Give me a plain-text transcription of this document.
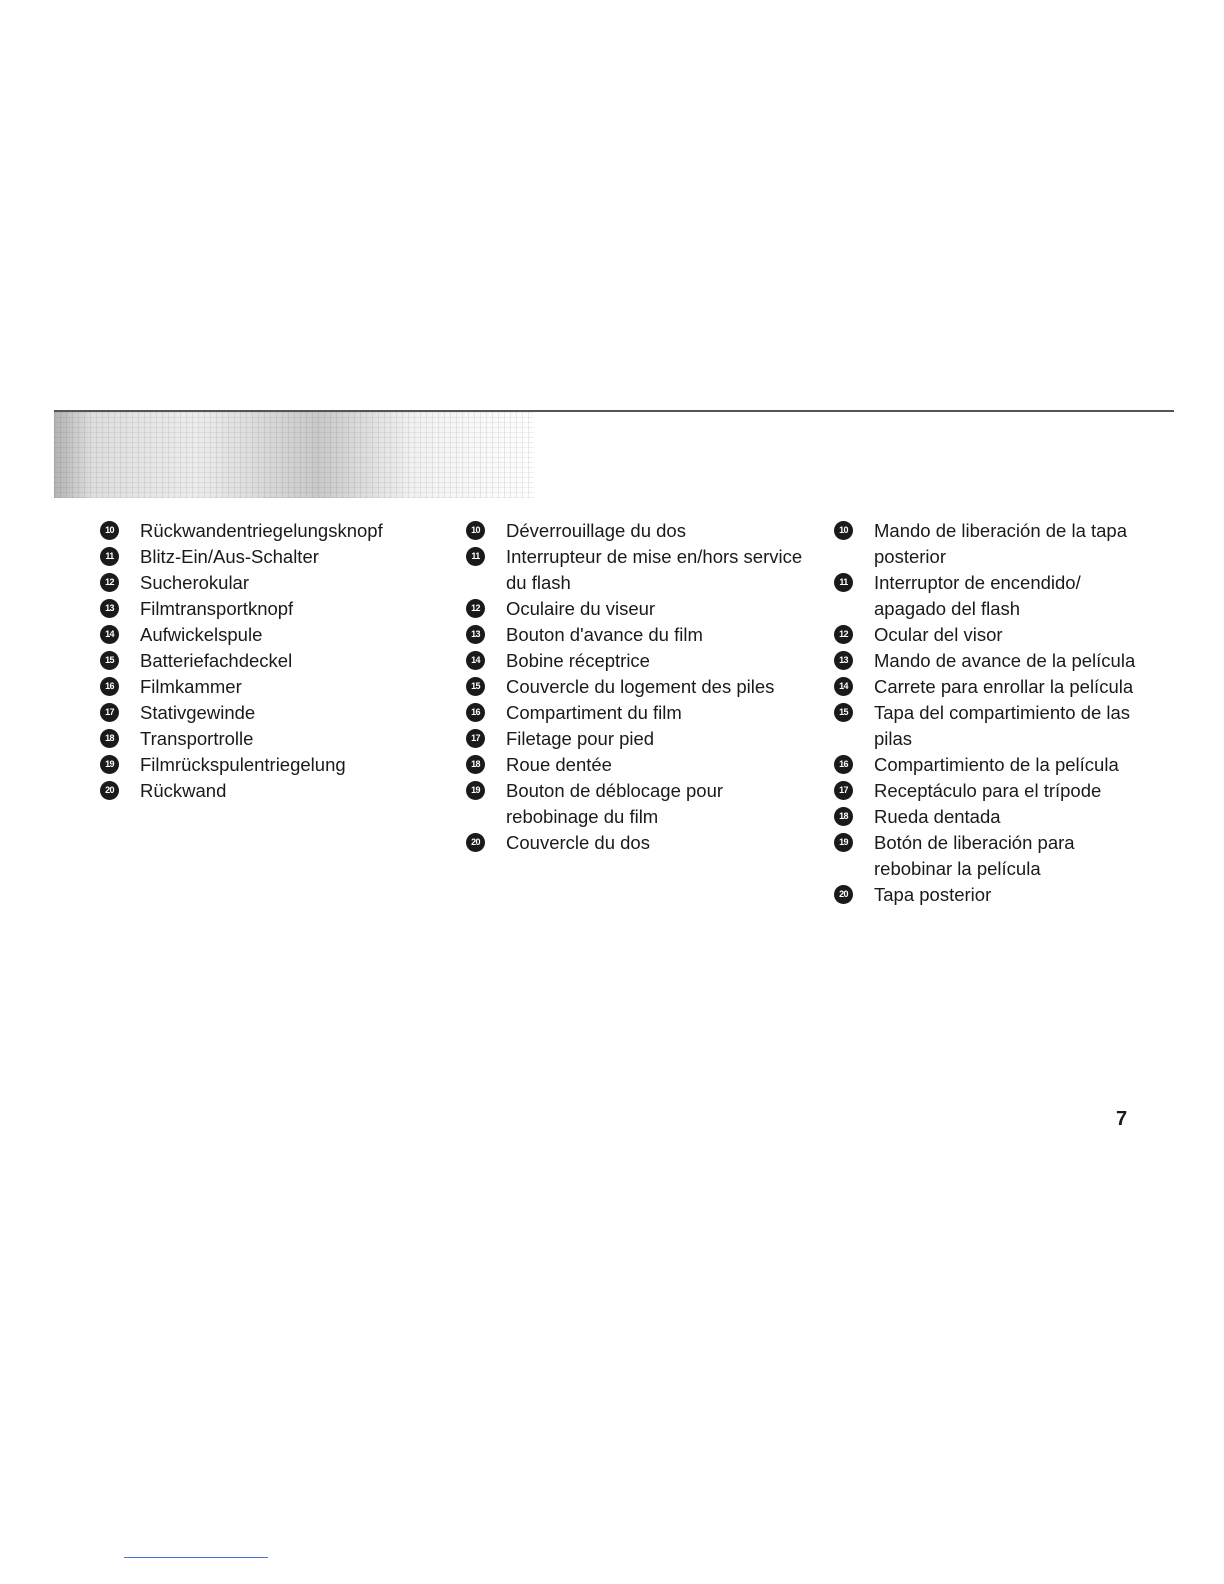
10 Rückwandentriegelungsknopf
11 Blitz-Ein/Aus-Schalter
12 Sucherokular
13 Filmtransportknopf
14 Aufwickelspule
15 Batteriefachdeckel
16 Filmkammer
17 Stativgewinde
18 Transportrolle
19 Filmrückspulentriegelung
20 Rückwand
10 Déverrouillage du dos
11 Interrupteur de mise en/hors service du flash
12 Oculaire du viseur
13 Bouton d'avance du film
14 Bobine réceptrice
15 Couvercle du logement des piles
16 Compartiment du film
17 Filetage pour pied
18 Roue dentée
19 Bouton de déblocage pour rebobinage du film
20 Couvercle du dos
10 Mando de liberación de la tapa posterior
11 Interruptor de encendido/ apagado del flash
12 Ocular del visor
13 Mando de avance de la película
14 Carrete para enrollar la película
15 Tapa del compartimiento de las pilas
16 Compartimiento de la película
17 Receptáculo para el trípode
18 Rueda dentada
19 Botón de liberación para rebobinar la película
20 Tapa posterior
7
